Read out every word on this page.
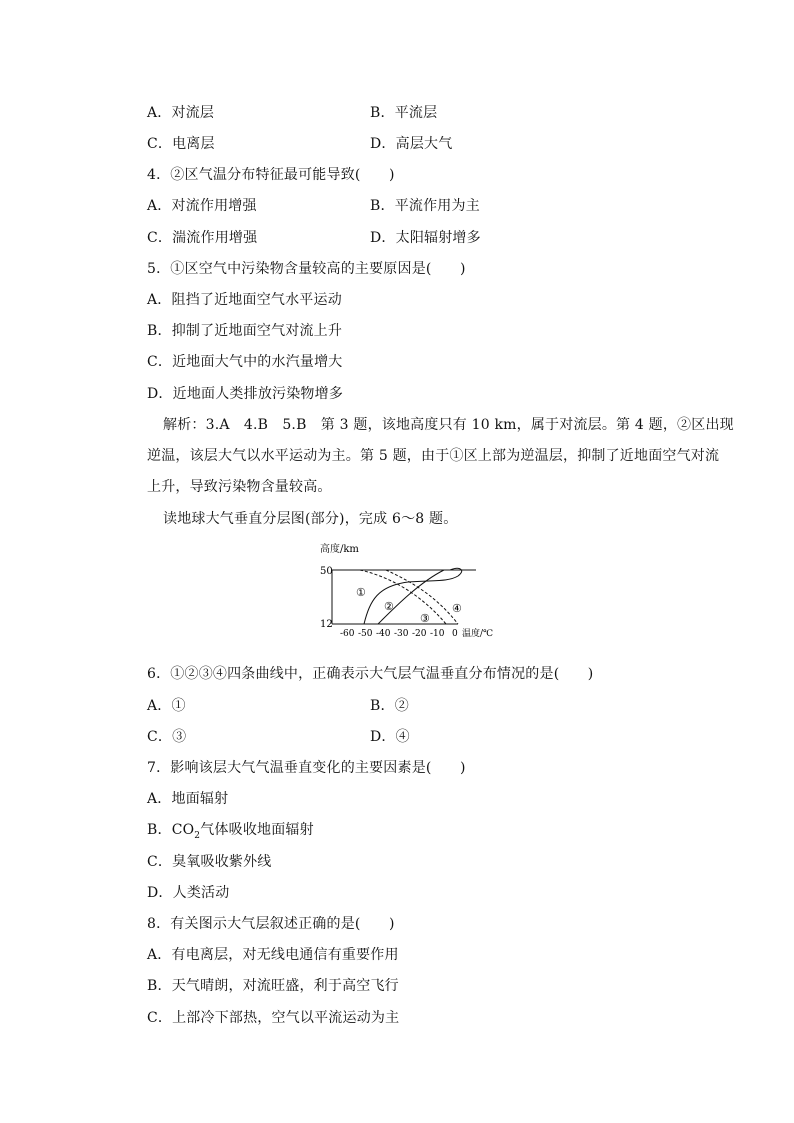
A．对流层	B．平流层
C．电离层	D．高层大气
4．②区气温分布特征最可能导致(　　)
A．对流作用增强	B．平流作用为主
C．湍流作用增强	D．太阳辐射增多
5．①区空气中污染物含量较高的主要原因是(　　)
A．阻挡了近地面空气水平运动
B．抑制了近地面空气对流上升
C．近地面大气中的水汽量增大
D．近地面人类排放污染物增多
解析：3.A　4.B　5.B　第 3 题，该地高度只有 10 km，属于对流层。第 4 题，②区出现
逆温，该层大气以水平运动为主。第 5 题，由于①区上部为逆温层，抑制了近地面空气对流
上升，导致污染物含量较高。
读地球大气垂直分层图(部分)，完成 6～8 题。
高度/km
50
12
①
②
③
④
-60 -50 -40 -30 -20 -10 0 温度/℃
6．①②③④四条曲线中，正确表示大气层气温垂直分布情况的是(　　)
A．①	B．②
C．③	D．④
7．影响该层大气气温垂直变化的主要因素是(　　)
A．地面辐射
B．$CO_2$气体吸收地面辐射
C．臭氧吸收紫外线
D．人类活动
8．有关图示大气层叙述正确的是(　　)
A．有电离层，对无线电通信有重要作用
B．天气晴朗，对流旺盛，利于高空飞行
C．上部冷下部热，空气以平流运动为主
